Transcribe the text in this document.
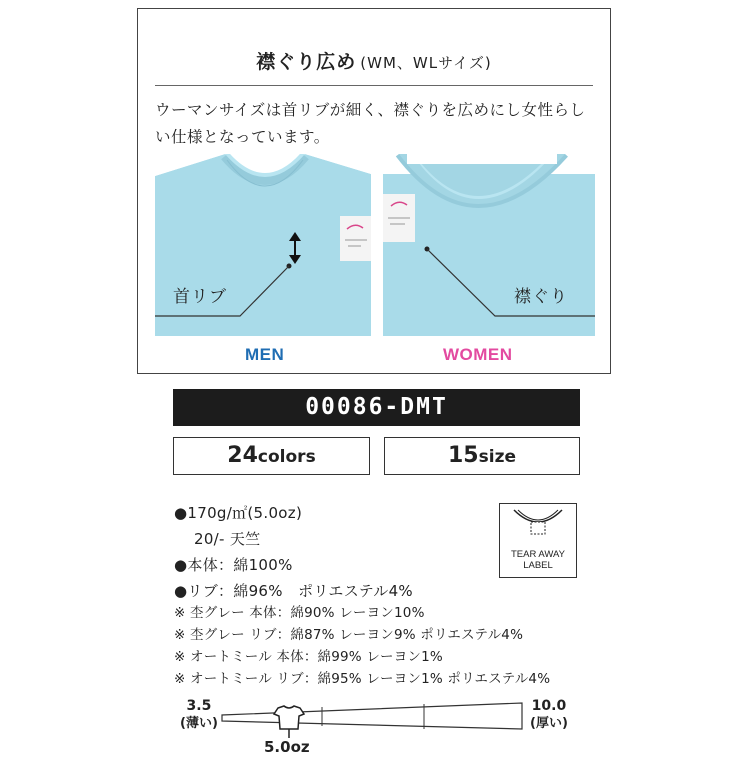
襟ぐり広め (WM、WLサイズ)
ウーマンサイズは首リブが細く、襟ぐりを広めにし女性らしい仕様となっています。
首リブ	襟ぐり
MEN	WOMEN
00086-DMT
24colors	15size
●170g/㎡(5.0oz)
20/- 天竺
●本体：綿100%
●リブ：綿96%　ポリエステル4%
※ 杢グレー 本体：綿90% レーヨン10%
※ 杢グレー リブ：綿87% レーヨン9% ポリエステル4%
※ オートミール 本体：綿99% レーヨン1%
※ オートミール リブ：綿95% レーヨン1% ポリエステル4%
TEAR AWAY
LABEL
3.5
(薄い)
10.0
(厚い)
5.0oz
